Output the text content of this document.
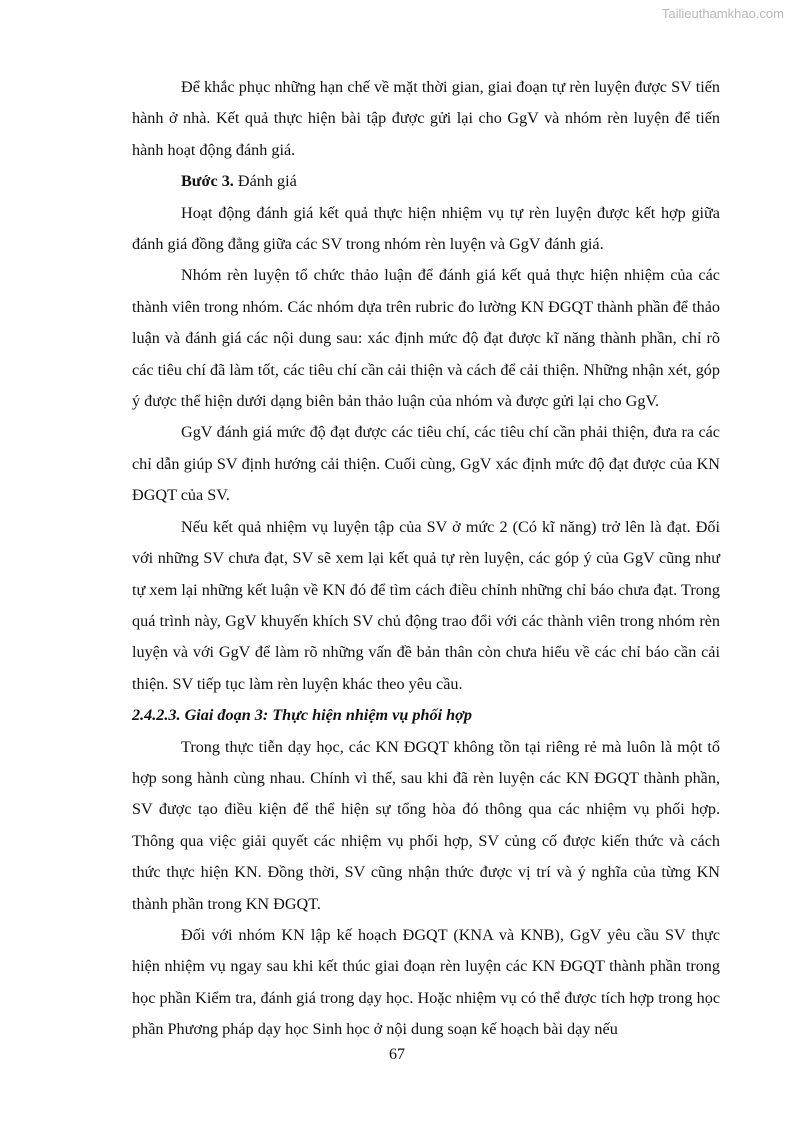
Tailieuthamkhao.com

Để khắc phục những hạn chế về mặt thời gian, giai đoạn tự rèn luyện được SV tiến hành ở nhà. Kết quả thực hiện bài tập được gửi lại cho GgV và nhóm rèn luyện để tiến hành hoạt động đánh giá.

Bước 3. Đánh giá

Hoạt động đánh giá kết quả thực hiện nhiệm vụ tự rèn luyện được kết hợp giữa đánh giá đồng đẳng giữa các SV trong nhóm rèn luyện và GgV đánh giá.

Nhóm rèn luyện tổ chức thảo luận để đánh giá kết quả thực hiện nhiệm của các thành viên trong nhóm. Các nhóm dựa trên rubric đo lường KN ĐGQT thành phần để thảo luận và đánh giá các nội dung sau: xác định mức độ đạt được kĩ năng thành phần, chỉ rõ các tiêu chí đã làm tốt, các tiêu chí cần cải thiện và cách để cải thiện. Những nhận xét, góp ý được thể hiện dưới dạng biên bản thảo luận của nhóm và được gửi lại cho GgV.

GgV đánh giá mức độ đạt được các tiêu chí, các tiêu chí cần phải thiện, đưa ra các chỉ dẫn giúp SV định hướng cải thiện. Cuối cùng, GgV xác định mức độ đạt được của KN ĐGQT của SV.

Nếu kết quả nhiệm vụ luyện tập của SV ở mức 2 (Có kĩ năng) trở lên là đạt. Đối với những SV chưa đạt, SV sẽ xem lại kết quả tự rèn luyện, các góp ý của GgV cũng như tự xem lại những kết luận về KN đó để tìm cách điều chỉnh những chỉ báo chưa đạt. Trong quá trình này, GgV khuyến khích SV chủ động trao đổi với các thành viên trong nhóm rèn luyện và với GgV để làm rõ những vấn đề bản thân còn chưa hiểu về các chỉ báo cần cải thiện. SV tiếp tục làm rèn luyện khác theo yêu cầu.

2.4.2.3. Giai đoạn 3: Thực hiện nhiệm vụ phối hợp

Trong thực tiễn dạy học, các KN ĐGQT không tồn tại riêng rẻ mà luôn là một tổ hợp song hành cùng nhau. Chính vì thế, sau khi đã rèn luyện các KN ĐGQT thành phần, SV được tạo điều kiện để thể hiện sự tổng hòa đó thông qua các nhiệm vụ phối hợp. Thông qua việc giải quyết các nhiệm vụ phối hợp, SV củng cố được kiến thức và cách thức thực hiện KN. Đồng thời, SV cũng nhận thức được vị trí và ý nghĩa của từng KN thành phần trong KN ĐGQT.

Đối với nhóm KN lập kế hoạch ĐGQT (KNA và KNB), GgV yêu cầu SV thực hiện nhiệm vụ ngay sau khi kết thúc giai đoạn rèn luyện các KN ĐGQT thành phần trong học phần Kiểm tra, đánh giá trong dạy học. Hoặc nhiệm vụ có thể được tích hợp trong học phần Phương pháp dạy học Sinh học ở nội dung soạn kế hoạch bài dạy nếu

67
